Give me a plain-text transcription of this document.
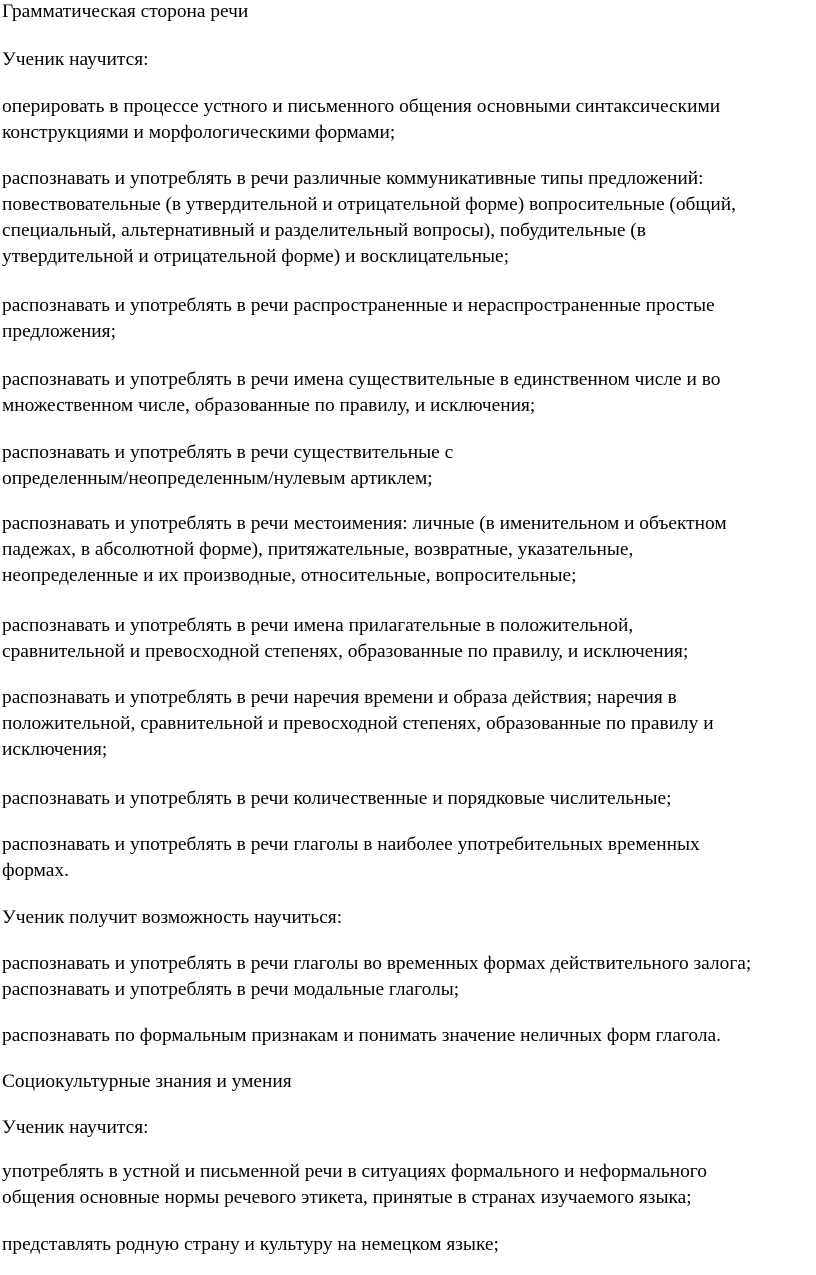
Грамматическая сторона речи

Ученик научится:

оперировать в процессе устного и письменного общения основными синтаксическими
конструкциями и морфологическими формами;

распознавать и употреблять в речи различные коммуникативные типы предложений:
повествовательные (в утвердительной и отрицательной форме) вопросительные (общий,
специальный, альтернативный и разделительный вопросы), побудительные (в
утвердительной и отрицательной форме) и восклицательные;

распознавать и употреблять в речи распространенные и нераспространенные простые
предложения;

распознавать и употреблять в речи имена существительные в единственном числе и во
множественном числе, образованные по правилу, и исключения;

распознавать и употреблять в речи существительные с
определенным/неопределенным/нулевым артиклем;

распознавать и употреблять в речи местоимения: личные (в именительном и объектном
падежах, в абсолютной форме), притяжательные, возвратные, указательные,
неопределенные и их производные, относительные, вопросительные;

распознавать и употреблять в речи имена прилагательные в положительной,
сравнительной и превосходной степенях, образованные по правилу, и исключения;

распознавать и употреблять в речи наречия времени и образа действия; наречия в
положительной, сравнительной и превосходной степенях, образованные по правилу и
исключения;

распознавать и употреблять в речи количественные и порядковые числительные;

распознавать и употреблять в речи глаголы в наиболее употребительных временных
формах.

Ученик получит возможность научиться:

распознавать и употреблять в речи глаголы во временных формах действительного залога;
распознавать и употреблять в речи модальные глаголы;

распознавать по формальным признакам и понимать значение неличных форм глагола.

Социокультурные знания и умения

Ученик научится:

употреблять в устной и письменной речи в ситуациях формального и неформального
общения основные нормы речевого этикета, принятые в странах изучаемого языка;

представлять родную страну и культуру на немецком языке;
